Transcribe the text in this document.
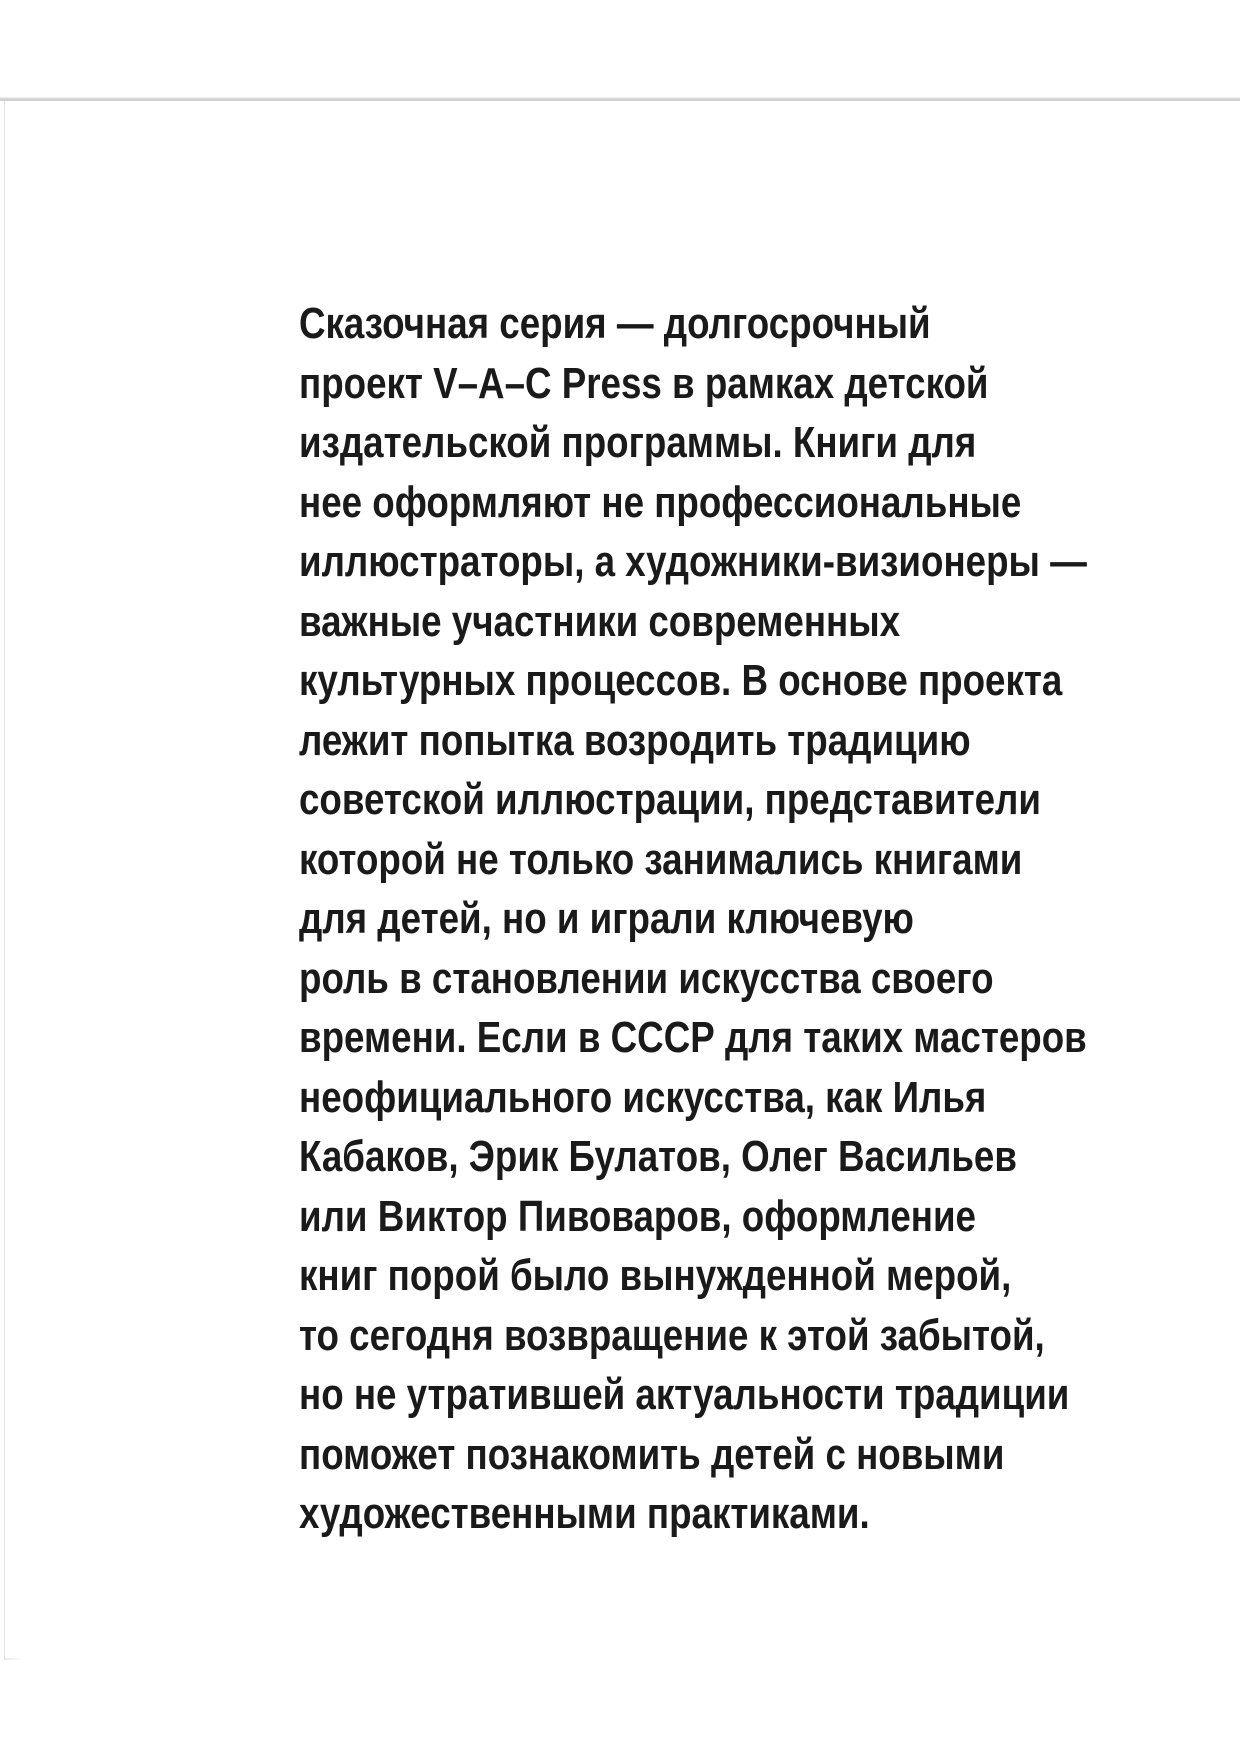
Сказочная серия — долгосрочный
проект V–A–C Press в рамках детской
издательской программы. Книги для
нее оформляют не профессиональные
иллюстраторы, а художники-визионеры —
важные участники современных
культурных процессов. В основе проекта
лежит попытка возродить традицию
советской иллюстрации, представители
которой не только занимались книгами
для детей, но и играли ключевую
роль в становлении искусства своего
времени. Если в СССР для таких мастеров
неофициального искусства, как Илья
Кабаков, Эрик Булатов, Олег Васильев
или Виктор Пивоваров, оформление
книг порой было вынужденной мерой,
то сегодня возвращение к этой забытой,
но не утратившей актуальности традиции
поможет познакомить детей с новыми
художественными практиками.
